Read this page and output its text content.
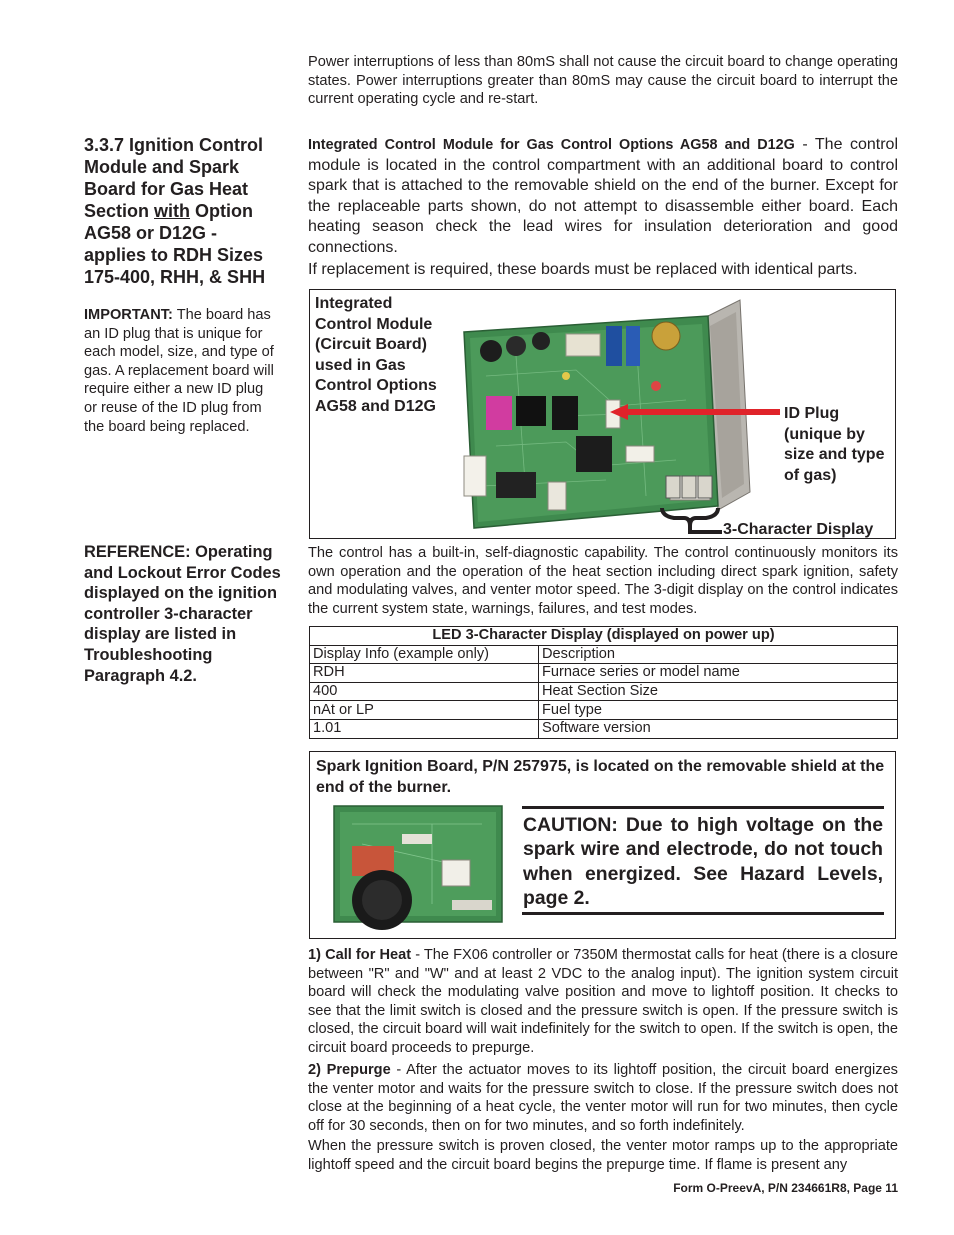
Power interruptions of less than 80mS shall not cause the circuit board to change operating states. Power interruptions greater than 80mS may cause the circuit board to interrupt the current operating cycle and re-start.

3.3.7 Ignition Control Module and Spark Board for Gas Heat Section with Option AG58 or D12G - applies to RDH Sizes 175-400, RHH, & SHH
IMPORTANT: The board has an ID plug that is unique for each model, size, and type of gas. A replacement board will require either a new ID plug or reuse of the ID plug from the board being replaced.
REFERENCE: Operating and Lockout Error Codes displayed on the ignition controller 3-character display are listed in Troubleshooting Paragraph 4.2.

Integrated Control Module for Gas Control Options AG58 and D12G - The control module is located in the control compartment with an additional board to control spark that is attached to the removable shield on the end of the burner. Except for the replaceable parts shown, do not attempt to disassemble either board. Each heating season check the lead wires for insulation deterioration and good connections.

If replacement is required, these boards must be replaced with identical parts.

Integrated Control Module (Circuit Board) used in Gas Control Options AG58 and D12G	ID Plug (unique by size and type of gas)
3-Character Display

The control has a built-in, self-diagnostic capability. The control continuously monitors its own operation and the operation of the heat section including direct spark ignition, safety and modulating valves, and venter motor speed. The 3-digit display on the control indicates the current system state, warnings, failures, and test modes.

LED 3-Character Display (displayed on power up)	
Display Info (example only)	Description
RDH	Furnace series or model name
400	Heat Section Size
nAt or LP	Fuel type
1.01	Software version
Spark Ignition Board, P/N 257975, is located on the removable shield at the end of the burner.
CAUTION: Due to high voltage on the spark wire and electrode, do not touch when energized. See Hazard Levels, page 2.

1) Call for Heat - The FX06 controller or 7350M thermostat calls for heat (there is a closure between "R" and "W" and at least 2 VDC to the analog input). The ignition system circuit board will check the modulating valve position and move to lightoff position. It checks to see that the limit switch is closed and the pressure switch is open. If the pressure switch is closed, the circuit board will wait indefinitely for the switch to open. If the switch is open, the circuit board proceeds to prepurge.

2) Prepurge - After the actuator moves to its lightoff position, the circuit board energizes the venter motor and waits for the pressure switch to close. If the pressure switch does not close at the beginning of a heat cycle, the venter motor will run for two minutes, then cycle off for 30 seconds, then on for two minutes, and so forth indefinitely.

When the pressure switch is proven closed, the venter motor ramps up to the appropriate lightoff speed and the circuit board begins the prepurge time. If flame is present any

Form O-PreevA, P/N 234661R8, Page 11
